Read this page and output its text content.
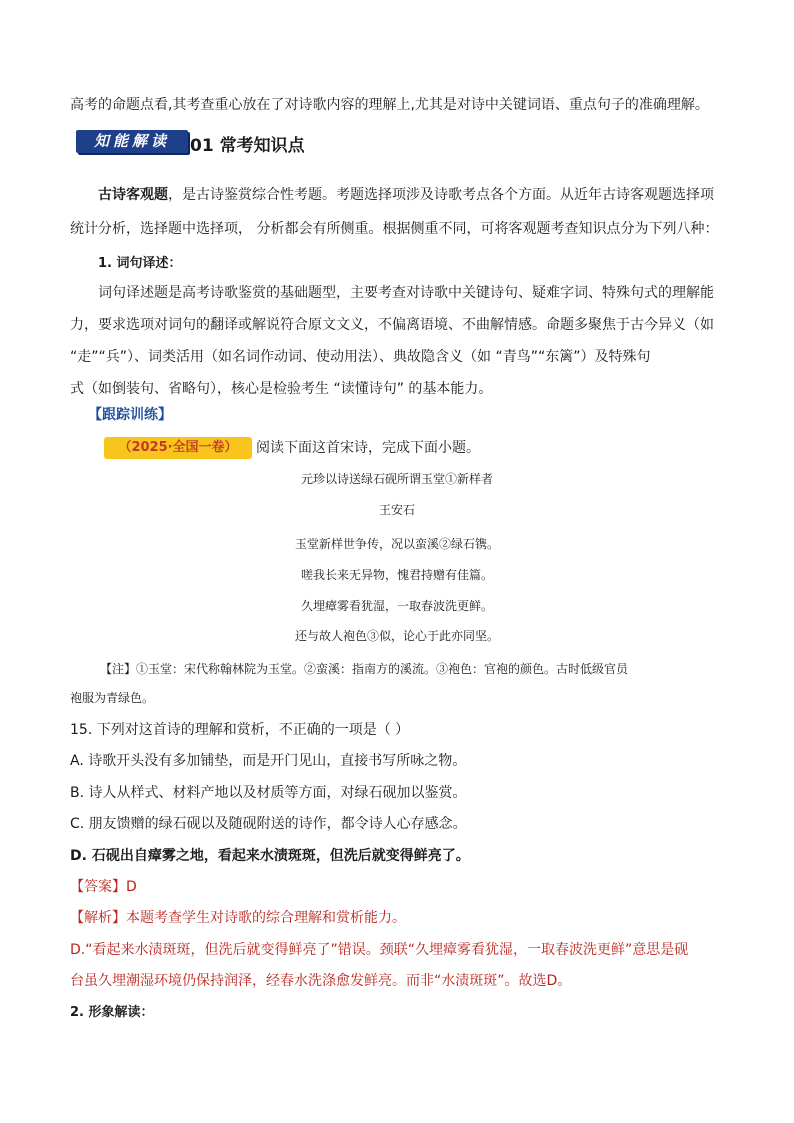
高考的命题点看,其考查重心放在了对诗歌内容的理解上,尤其是对诗中关键词语、重点句子的准确理解。
知能解读	01 常考知识点
古诗客观题，是古诗鉴赏综合性考题。考题选择项涉及诗歌考点各个方面。从近年古诗客观题选择项
统计分析，选择题中选择项， 分析都会有所侧重。根据侧重不同，可将客观题考查知识点分为下列八种：
1. 词句译述：
词句译述题是高考诗歌鉴赏的基础题型，主要考查对诗歌中关键诗句、疑难字词、特殊句式的理解能
力，要求选项对词句的翻译或解说符合原文文义，不偏离语境、不曲解情感。命题多聚焦于古今异义（如
“走”“兵”）、词类活用（如名词作动词、使动用法）、典故隐含义（如 “青鸟”“东篱”）及特殊句
式（如倒装句、省略句），核心是检验考生 “读懂诗句” 的基本能力。
【跟踪训练】
（2025·全国一卷）	阅读下面这首宋诗，完成下面小题。
元珍以诗送绿石砚所谓玉堂①新样者
王安石
玉堂新样世争传，况以蛮溪②绿石镌。
嗟我长来无异物，愧君持赠有佳篇。
久埋瘴雾看犹湿，一取春波洗更鲜。
还与故人袍色③似，论心于此亦同坚。
【注】①玉堂：宋代称翰林院为玉堂。②蛮溪：指南方的溪流。③袍色：官袍的颜色。古时低级官员
袍服为青绿色。
15. 下列对这首诗的理解和赏析，不正确的一项是（ ）
A. 诗歌开头没有多加铺垫，而是开门见山，直接书写所咏之物。
B. 诗人从样式、材料产地以及材质等方面，对绿石砚加以鉴赏。
C. 朋友馈赠的绿石砚以及随砚附送的诗作，都令诗人心存感念。
D. 石砚出自瘴雾之地，看起来水渍斑斑，但洗后就变得鲜亮了。
【答案】D
【解析】本题考查学生对诗歌的综合理解和赏析能力。
D.“看起来水渍斑斑，但洗后就变得鲜亮了”错误。颈联“久埋瘴雾看犹湿，一取春波洗更鲜”意思是砚
台虽久埋潮湿环境仍保持润泽，经春水洗涤愈发鲜亮。而非“水渍斑斑”。故选D。
2. 形象解读：
